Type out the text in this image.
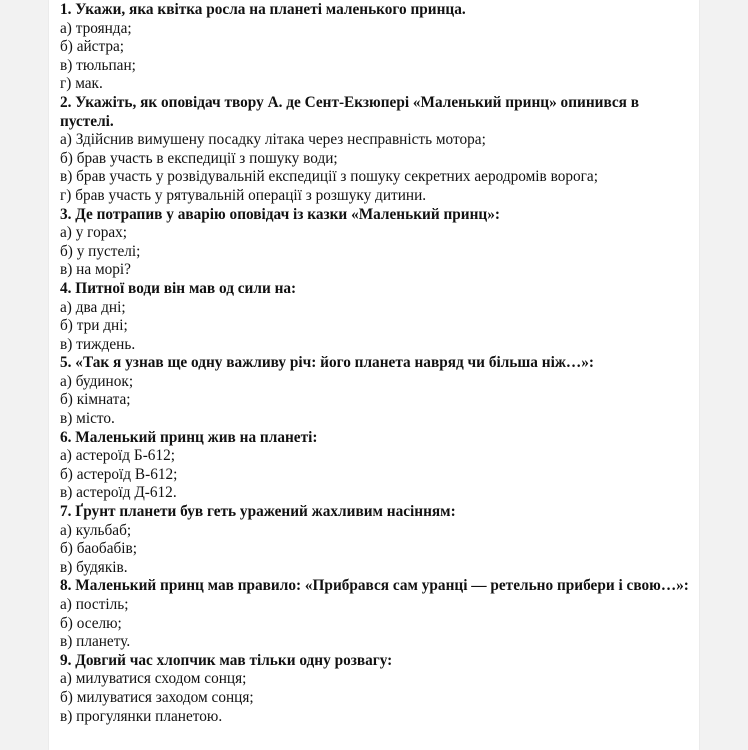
1. Укажи, яка квітка росла на планеті маленького принца.
а) троянда;
б) айстра;
в) тюльпан;
г) мак.
2. Укажіть, як оповідач твору А. де Сент-Екзюпері «Маленький принц» опинився в пустелі.
а) Здійснив вимушену посадку літака через несправність мотора;
б) брав участь в експедиції з пошуку води;
в) брав участь у розвідувальній експедиції з пошуку секретних аеродромів ворога;
г) брав участь у рятувальній операції з розшуку дитини.
3. Де потрапив у аварію оповідач із казки «Маленький принц»:
а) у горах;
б) у пустелі;
в) на морі?
4. Питної води він мав од сили на:
а) два дні;
б) три дні;
в) тиждень.
5. «Так я узнав ще одну важливу річ: його планета навряд чи більша ніж…»:
а) будинок;
б) кімната;
в) місто.
6. Маленький принц жив на планеті:
а) астероїд Б-612;
б) астероїд В-612;
в) астероїд Д-612.
7. Ґрунт планети був геть уражений жахливим насінням:
а) кульбаб;
б) баобабів;
в) будяків.
8. Маленький принц мав правило: «Прибрався сам уранці — ретельно прибери і свою…»:
а) постіль;
б) оселю;
в) планету.
9. Довгий час хлопчик мав тільки одну розвагу:
а) милуватися сходом сонця;
б) милуватися заходом сонця;
в) прогулянки планетою.
